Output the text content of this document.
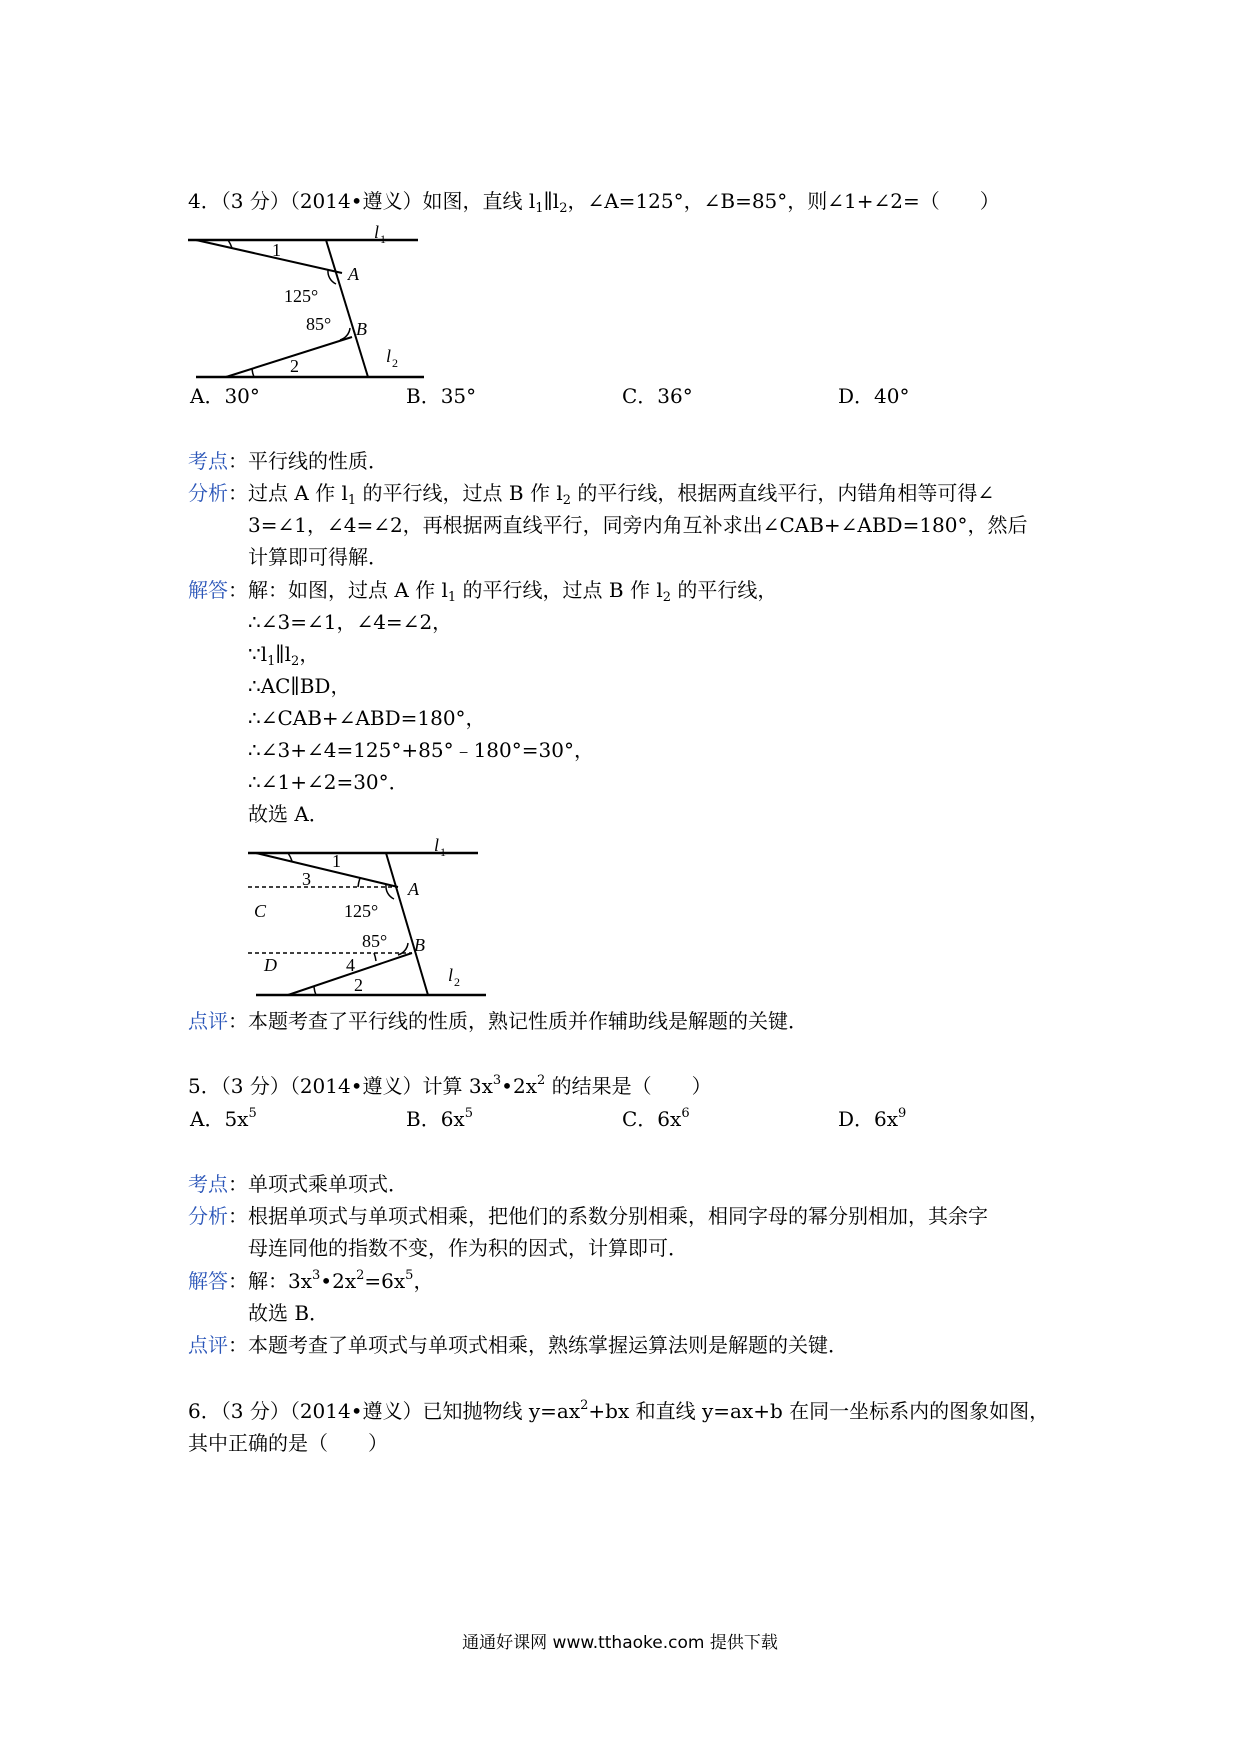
4．（3 分）（2014•遵义）如图，直线 $l_1\parallel l_2$，∠A=125°，∠B=85°，则∠1+∠2=（　　）
l 1
l 2
1
A
125°
85° B
2
A．30°	B．35°	C．36°	D．40°
考点：平行线的性质．
分析：过点 A 作 $l_1$ 的平行线，过点 B 作 $l_2$ 的平行线，根据两直线平行，内错角相等可得∠
3=∠1，∠4=∠2，再根据两直线平行，同旁内角互补求出∠CAB+∠ABD=180°，然后
计算即可得解．
解答：解：如图，过点 A 作 $l_1$ 的平行线，过点 B 作 $l_2$ 的平行线，
∴∠3=∠1，∠4=∠2，
$\because l_1\parallel l_2$，
∴AC∥BD，
∴∠CAB+∠ABD=180°，
∴∠3+∠4=125°+85°﹣180°=30°，
∴∠1+∠2=30°．
故选 A．
l 1
l 2
1
3	A
C	125°
85° B
D	4
2
点评：本题考查了平行线的性质，熟记性质并作辅助线是解题的关键．
5．（3 分）（2014•遵义）计算 $3x^3•2x^2$ 的结果是（　　）
A．$5x^5$	B．$6x^5$	C．$6x^6$	D．$6x^9$
考点：单项式乘单项式．
分析：根据单项式与单项式相乘，把他们的系数分别相乘，相同字母的幂分别相加，其余字
母连同他的指数不变，作为积的因式，计算即可．
解答：解：$3x^3•2x^2=6x^5$，
故选 B．
点评：本题考查了单项式与单项式相乘，熟练掌握运算法则是解题的关键．
6．（3 分）（2014•遵义）已知抛物线 $y=ax^2+bx$ 和直线 y=ax+b 在同一坐标系内的图象如图，
其中正确的是（　　）
通通好课网 www.tthaoke.com 提供下载
